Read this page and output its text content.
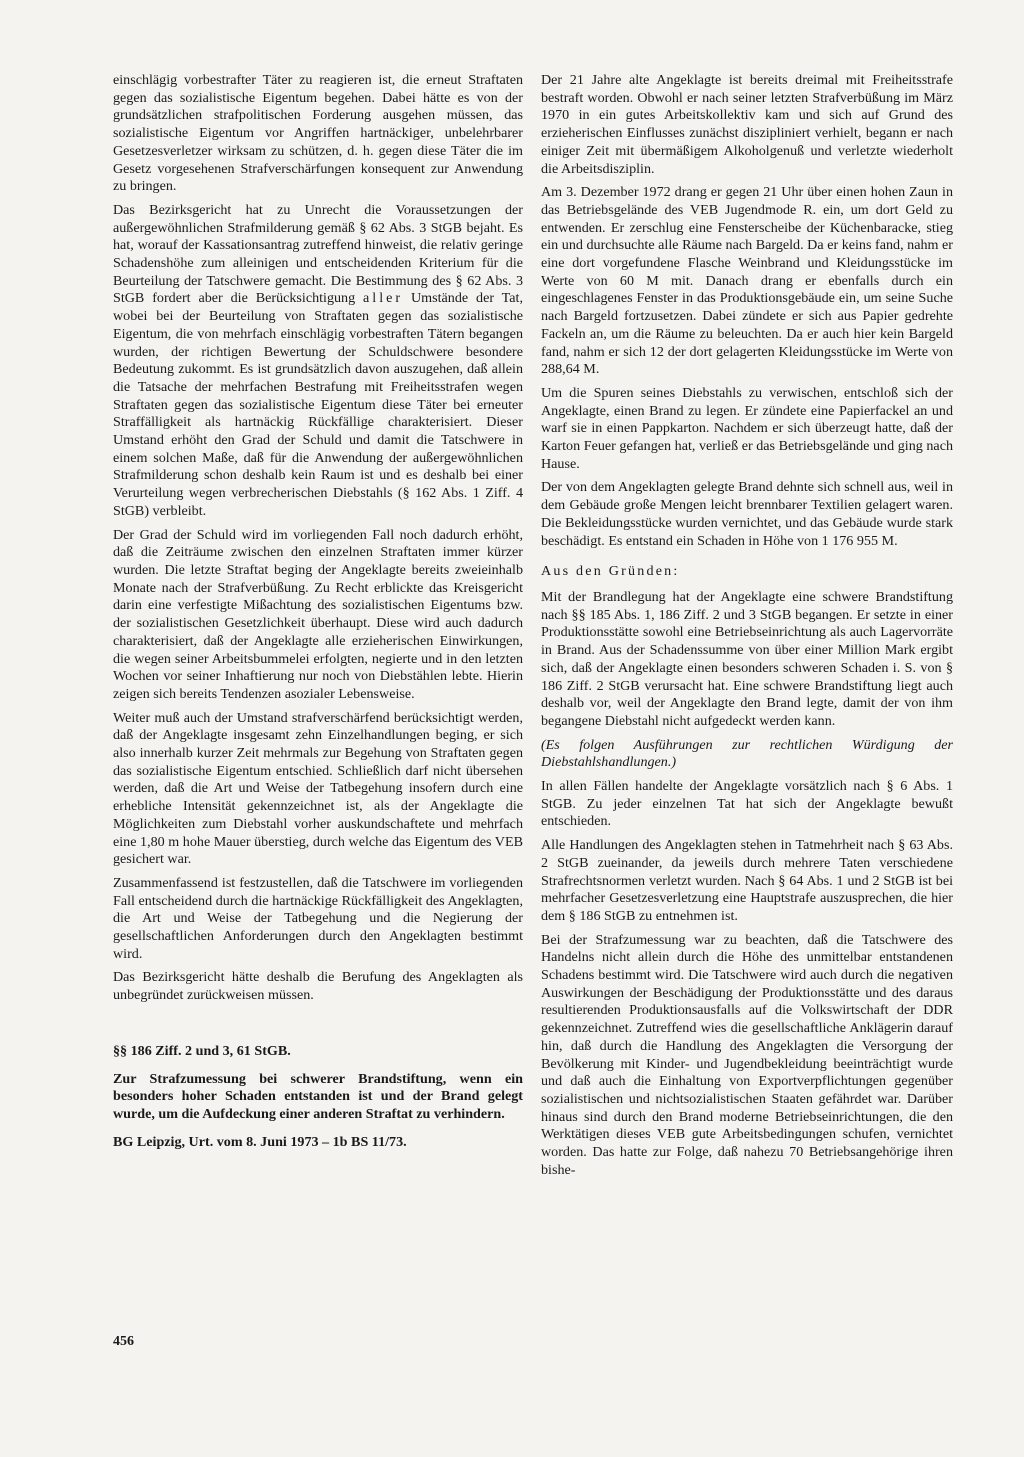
einschlägig vorbestrafter Täter zu reagieren ist, die erneut Straftaten gegen das sozialistische Eigentum begehen. Dabei hätte es von der grundsätzlichen strafpolitischen Forderung ausgehen müssen, das sozialistische Eigentum vor Angriffen hartnäckiger, unbelehrbarer Gesetzesverletzer wirksam zu schützen, d. h. gegen diese Täter die im Gesetz vorgesehenen Strafverschärfungen konsequent zur Anwendung zu bringen.

Das Bezirksgericht hat zu Unrecht die Voraussetzungen der außergewöhnlichen Strafmilderung gemäß § 62 Abs. 3 StGB bejaht. Es hat, worauf der Kassationsantrag zutreffend hinweist, die relativ geringe Schadenshöhe zum alleinigen und entscheidenden Kriterium für die Beurteilung der Tatschwere gemacht. Die Bestimmung des § 62 Abs. 3 StGB fordert aber die Berücksichtigung aller Umstände der Tat, wobei bei der Beurteilung von Straftaten gegen das sozialistische Eigentum, die von mehrfach einschlägig vorbestraften Tätern begangen wurden, der richtigen Bewertung der Schuldschwere besondere Bedeutung zukommt. Es ist grundsätzlich davon auszugehen, daß allein die Tatsache der mehrfachen Bestrafung mit Freiheitsstrafen wegen Straftaten gegen das sozialistische Eigentum diese Täter bei erneuter Straffälligkeit als hartnäckig Rückfällige charakterisiert. Dieser Umstand erhöht den Grad der Schuld und damit die Tatschwere in einem solchen Maße, daß für die Anwendung der außergewöhnlichen Strafmilderung schon deshalb kein Raum ist und es deshalb bei einer Verurteilung wegen verbrecherischen Diebstahls (§ 162 Abs. 1 Ziff. 4 StGB) verbleibt.

Der Grad der Schuld wird im vorliegenden Fall noch dadurch erhöht, daß die Zeiträume zwischen den einzelnen Straftaten immer kürzer wurden. Die letzte Straftat beging der Angeklagte bereits zweieinhalb Monate nach der Strafverbüßung. Zu Recht erblickte das Kreisgericht darin eine verfestigte Mißachtung des sozialistischen Eigentums bzw. der sozialistischen Gesetzlichkeit überhaupt. Diese wird auch dadurch charakterisiert, daß der Angeklagte alle erzieherischen Einwirkungen, die wegen seiner Arbeitsbummelei erfolgten, negierte und in den letzten Wochen vor seiner Inhaftierung nur noch von Diebstählen lebte. Hierin zeigen sich bereits Tendenzen asozialer Lebensweise.

Weiter muß auch der Umstand strafverschärfend berücksichtigt werden, daß der Angeklagte insgesamt zehn Einzelhandlungen beging, er sich also innerhalb kurzer Zeit mehrmals zur Begehung von Straftaten gegen das sozialistische Eigentum entschied. Schließlich darf nicht übersehen werden, daß die Art und Weise der Tatbegehung insofern durch eine erhebliche Intensität gekennzeichnet ist, als der Angeklagte die Möglichkeiten zum Diebstahl vorher auskundschaftete und mehrfach eine 1,80 m hohe Mauer überstieg, durch welche das Eigentum des VEB gesichert war.

Zusammenfassend ist festzustellen, daß die Tatschwere im vorliegenden Fall entscheidend durch die hartnäckige Rückfälligkeit des Angeklagten, die Art und Weise der Tatbegehung und die Negierung der gesellschaftlichen Anforderungen durch den Angeklagten bestimmt wird.

Das Bezirksgericht hätte deshalb die Berufung des Angeklagten als unbegründet zurückweisen müssen.

§§ 186 Ziff. 2 und 3, 61 StGB.

Zur Strafzumessung bei schwerer Brandstiftung, wenn ein besonders hoher Schaden entstanden ist und der Brand gelegt wurde, um die Aufdeckung einer anderen Straftat zu verhindern.

BG Leipzig, Urt. vom 8. Juni 1973 – 1b BS 11/73.

Der 21 Jahre alte Angeklagte ist bereits dreimal mit Freiheitsstrafe bestraft worden. Obwohl er nach seiner letzten Strafverbüßung im März 1970 in ein gutes Arbeitskollektiv kam und sich auf Grund des erzieherischen Einflusses zunächst diszipliniert verhielt, begann er nach einiger Zeit mit übermäßigem Alkoholgenuß und verletzte wiederholt die Arbeitsdisziplin.

Am 3. Dezember 1972 drang er gegen 21 Uhr über einen hohen Zaun in das Betriebsgelände des VEB Jugendmode R. ein, um dort Geld zu entwenden. Er zerschlug eine Fensterscheibe der Küchenbaracke, stieg ein und durchsuchte alle Räume nach Bargeld. Da er keins fand, nahm er eine dort vorgefundene Flasche Weinbrand und Kleidungsstücke im Werte von 60 M mit. Danach drang er ebenfalls durch ein eingeschlagenes Fenster in das Produktionsgebäude ein, um seine Suche nach Bargeld fortzusetzen. Dabei zündete er sich aus Papier gedrehte Fackeln an, um die Räume zu beleuchten. Da er auch hier kein Bargeld fand, nahm er sich 12 der dort gelagerten Kleidungsstücke im Werte von 288,64 M.

Um die Spuren seines Diebstahls zu verwischen, entschloß sich der Angeklagte, einen Brand zu legen. Er zündete eine Papierfackel an und warf sie in einen Pappkarton. Nachdem er sich überzeugt hatte, daß der Karton Feuer gefangen hat, verließ er das Betriebsgelände und ging nach Hause.

Der von dem Angeklagten gelegte Brand dehnte sich schnell aus, weil in dem Gebäude große Mengen leicht brennbarer Textilien gelagert waren. Die Bekleidungsstücke wurden vernichtet, und das Gebäude wurde stark beschädigt. Es entstand ein Schaden in Höhe von 1 176 955 M.

Aus den Gründen:

Mit der Brandlegung hat der Angeklagte eine schwere Brandstiftung nach §§ 185 Abs. 1, 186 Ziff. 2 und 3 StGB begangen. Er setzte in einer Produktionsstätte sowohl eine Betriebseinrichtung als auch Lagervorräte in Brand. Aus der Schadenssumme von über einer Million Mark ergibt sich, daß der Angeklagte einen besonders schweren Schaden i. S. von § 186 Ziff. 2 StGB verursacht hat. Eine schwere Brandstiftung liegt auch deshalb vor, weil der Angeklagte den Brand legte, damit der von ihm begangene Diebstahl nicht aufgedeckt werden kann.

(Es folgen Ausführungen zur rechtlichen Würdigung der Diebstahlshandlungen.)

In allen Fällen handelte der Angeklagte vorsätzlich nach § 6 Abs. 1 StGB. Zu jeder einzelnen Tat hat sich der Angeklagte bewußt entschieden.

Alle Handlungen des Angeklagten stehen in Tatmehrheit nach § 63 Abs. 2 StGB zueinander, da jeweils durch mehrere Taten verschiedene Strafrechtsnormen verletzt wurden. Nach § 64 Abs. 1 und 2 StGB ist bei mehrfacher Gesetzesverletzung eine Hauptstrafe auszusprechen, die hier dem § 186 StGB zu entnehmen ist.

Bei der Strafzumessung war zu beachten, daß die Tatschwere des Handelns nicht allein durch die Höhe des unmittelbar entstandenen Schadens bestimmt wird. Die Tatschwere wird auch durch die negativen Auswirkungen der Beschädigung der Produktionsstätte und des daraus resultierenden Produktionsausfalls auf die Volkswirtschaft der DDR gekennzeichnet. Zutreffend wies die gesellschaftliche Anklägerin darauf hin, daß durch die Handlung des Angeklagten die Versorgung der Bevölkerung mit Kinder- und Jugendbekleidung beeinträchtigt wurde und daß auch die Einhaltung von Exportverpflichtungen gegenüber sozialistischen und nichtsozialistischen Staaten gefährdet war. Darüber hinaus sind durch den Brand moderne Betriebseinrichtungen, die den Werktätigen dieses VEB gute Arbeitsbedingungen schufen, vernichtet worden. Das hatte zur Folge, daß nahezu 70 Betriebsangehörige ihren bishe-

456
